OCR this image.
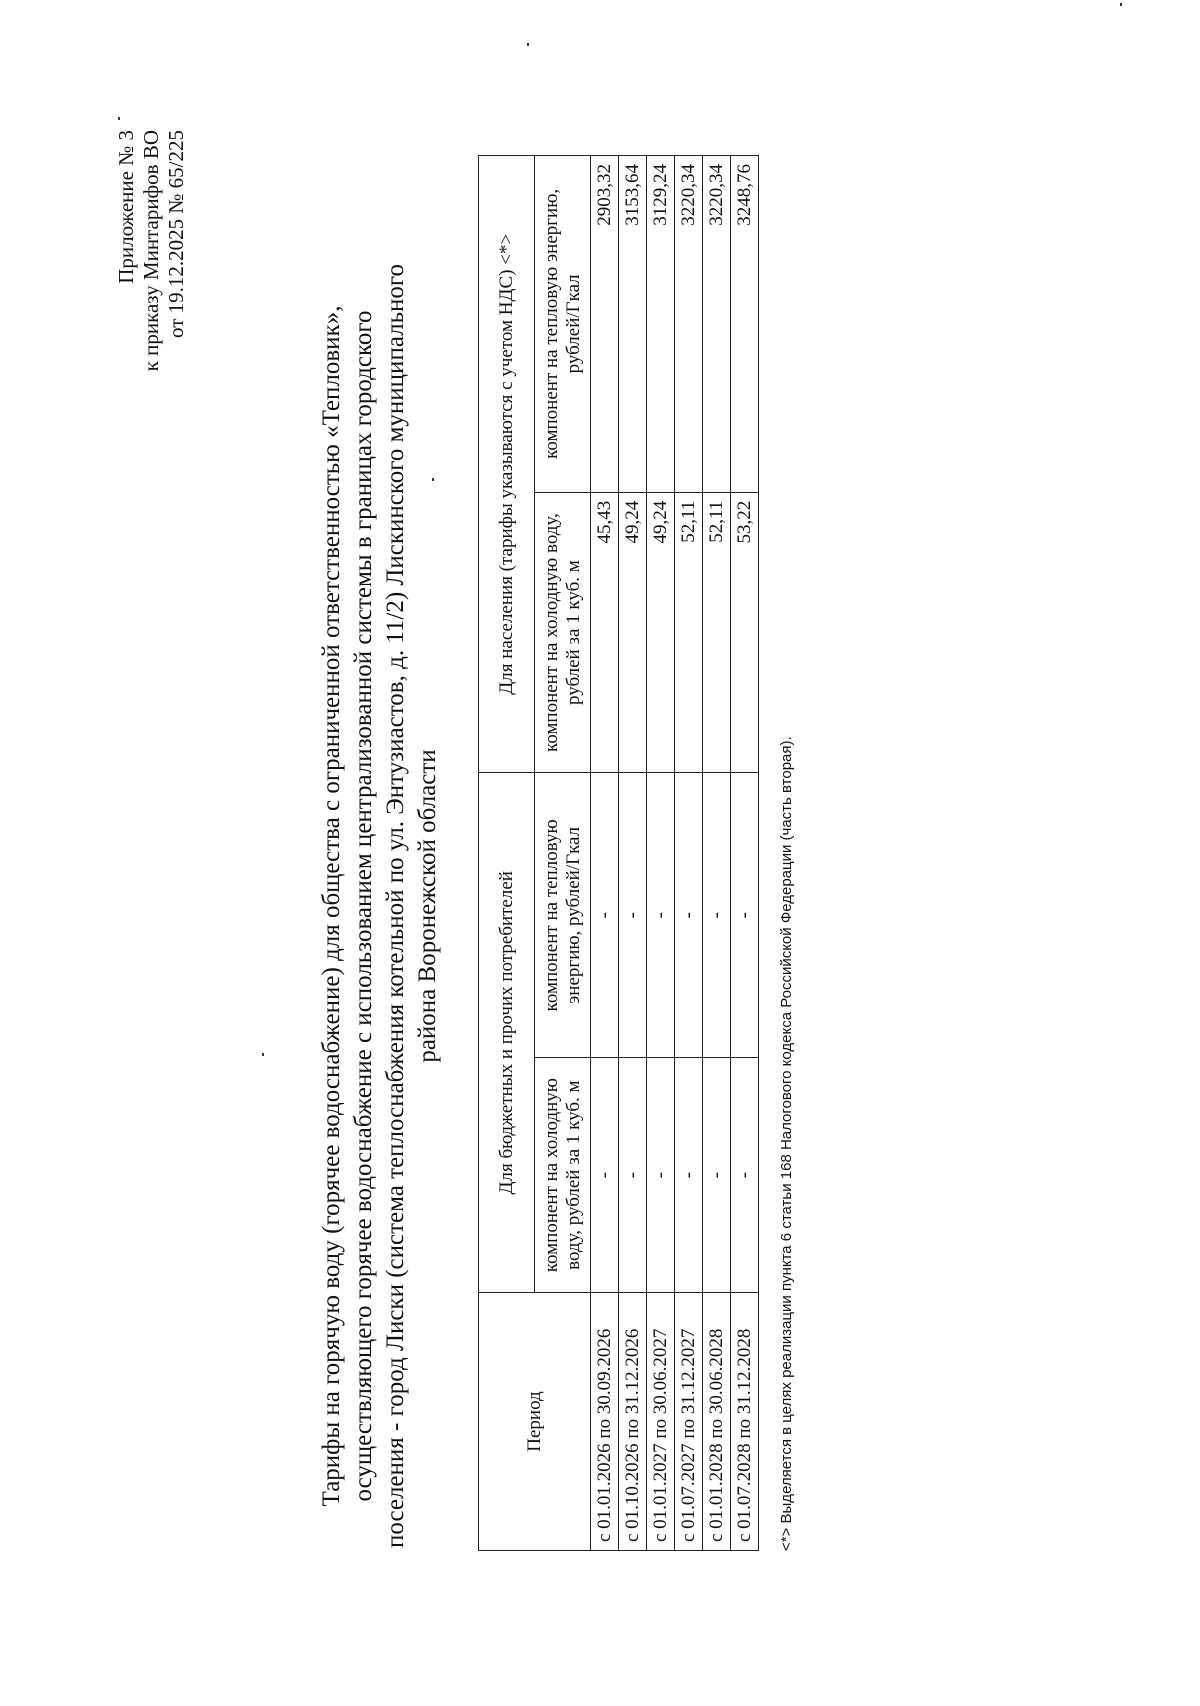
Приложение № 3 к приказу Минтарифов ВО от 19.12.2025 № 65/225
Тарифы на горячую воду (горячее водоснабжение) для общества с ограниченной ответственностью «Тепловик», осуществляющего горячее водоснабжение с использованием централизованной системы в границах городского поселения - город Лиски (система теплоснабжения котельной по ул. Энтузиастов, д. 11/2) Лискинского муниципального района Воронежской области
Период	Для бюджетных и прочих потребителей		Для населения (тарифы указываются с учетом НДС) <*>	
	компонент на холодную воду, рублей за 1 куб. м	компонент на тепловую энергию, рублей/Гкал	компонент на холодную воду, рублей за 1 куб. м	компонент на тепловую энергию, рублей/Гкал
с 01.01.2026 по 30.09.2026	-	-	45,43	2903,32
с 01.10.2026 по 31.12.2026	-	-	49,24	3153,64
с 01.01.2027 по 30.06.2027	-	-	49,24	3129,24
с 01.07.2027 по 31.12.2027	-	-	52,11	3220,34
с 01.01.2028 по 30.06.2028	-	-	52,11	3220,34
с 01.07.2028 по 31.12.2028	-	-	53,22	3248,76
<*> Выделяется в целях реализации пункта 6 статьи 168 Налогового кодекса Российской Федерации (часть вторая).
